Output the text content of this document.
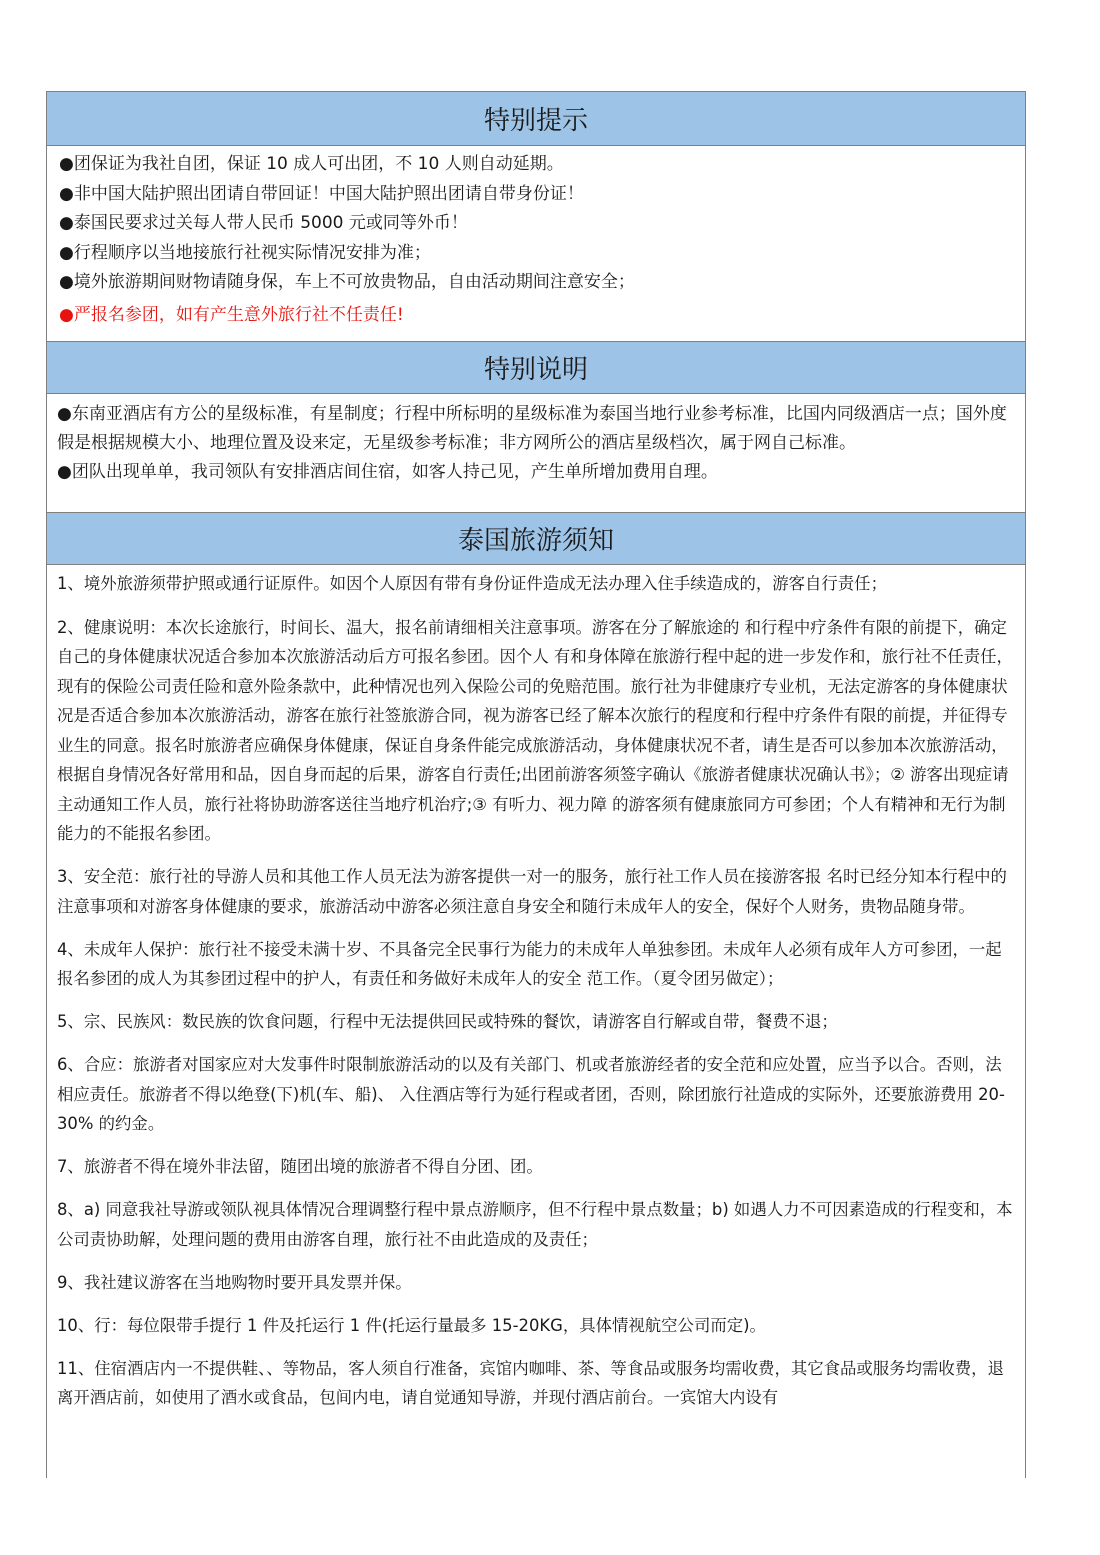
特别提示
●团保证为我社自团，保证 10 成人可出团，不 10 人则自动延期。
●非中国大陆护照出团请自带回证！中国大陆护照出团请自带身份证！
●泰国民要求过关每人带人民币 5000 元或同等外币！
●行程顺序以当地接旅行社视实际情况安排为准；
●境外旅游期间财物请随身保，车上不可放贵物品，自由活动期间注意安全；
●严报名参团，如有产生意外旅行社不任责任!
特别说明
●东南亚酒店有方公的星级标准，有星制度；行程中所标明的星级标准为泰国当地行业参考标准，比国内同级酒店一点；国外度假是根据规模大小、地理位置及设来定，无星级参考标准；非方网所公的酒店星级档次，属于网自己标准。
●团队出现单单，我司领队有安排酒店间住宿，如客人持己见，产生单所增加费用自理。
泰国旅游须知
1、境外旅游须带护照或通行证原件。如因个人原因有带有身份证件造成无法办理入住手续造成的，游客自行责任；
2、健康说明：本次长途旅行，时间长、温大，报名前请细相关注意事项。游客在分了解旅途的 和行程中疗条件有限的前提下，确定自己的身体健康状况适合参加本次旅游活动后方可报名参团。因个人 有和身体障在旅游行程中起的进一步发作和，旅行社不任责任，现有的保险公司责任险和意外险条款中，此种情况也列入保险公司的免赔范围。旅行社为非健康疗专业机，无法定游客的身体健康状况是否适合参加本次旅游活动，游客在旅行社签旅游合同，视为游客已经了解本次旅行的程度和行程中疗条件有限的前提，并征得专业生的同意。报名时旅游者应确保身体健康，保证自身条件能完成旅游活动，身体健康状况不者，请生是否可以参加本次旅游活动，根据自身情况各好常用和品，因自身而起的后果，游客自行责任;出团前游客须签字确认《旅游者健康状况确认书》；② 游客出现症请主动通知工作人员，旅行社将协助游客送往当地疗机治疗;③ 有听力、视力障 的游客须有健康旅同方可参团；个人有精神和无行为制能力的不能报名参团。
3、安全范：旅行社的导游人员和其他工作人员无法为游客提供一对一的服务，旅行社工作人员在接游客报 名时已经分知本行程中的注意事项和对游客身体健康的要求，旅游活动中游客必须注意自身安全和随行未成年人的安全，保好个人财务，贵物品随身带。
4、未成年人保护：旅行社不接受未满十岁、不具备完全民事行为能力的未成年人单独参团。未成年人必须有成年人方可参团，一起报名参团的成人为其参团过程中的护人，有责任和务做好未成年人的安全 范工作。（夏令团另做定）；
5、宗、民族风：数民族的饮食问题，行程中无法提供回民或特殊的餐饮，请游客自行解或自带，餐费不退；
6、合应：旅游者对国家应对大发事件时限制旅游活动的以及有关部门、机或者旅游经者的安全范和应处置，应当予以合。否则，法相应责任。旅游者不得以绝登(下)机(车、船)、 入住酒店等行为延行程或者团，否则，除团旅行社造成的实际外，还要旅游费用 20-30% 的约金。
7、旅游者不得在境外非法留，随团出境的旅游者不得自分团、团。
8、a) 同意我社导游或领队视具体情况合理调整行程中景点游顺序，但不行程中景点数量；b) 如遇人力不可因素造成的行程变和，本公司责协助解，处理问题的费用由游客自理，旅行社不由此造成的及责任；
9、我社建议游客在当地购物时要开具发票并保。
10、行：每位限带手提行 1 件及托运行 1 件(托运行量最多 15-20KG，具体情视航空公司而定)。
11、住宿酒店内一不提供鞋、、等物品，客人须自行准备，宾馆内咖啡、茶、等食品或服务均需收费，其它食品或服务均需收费，退离开酒店前，如使用了酒水或食品，包间内电，请自觉通知导游，并现付酒店前台。一宾馆大内设有
